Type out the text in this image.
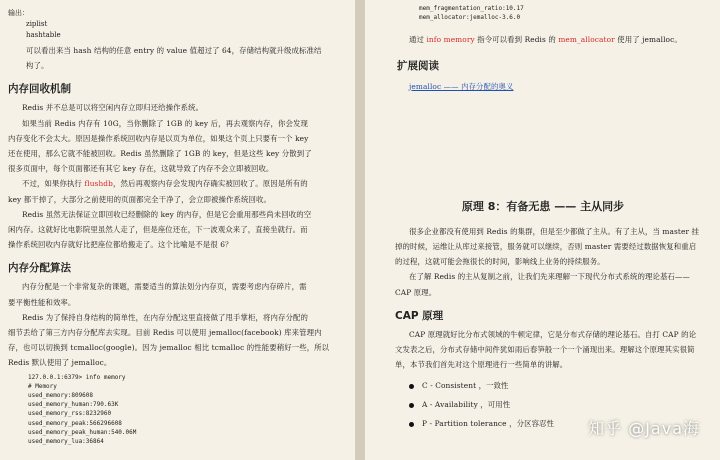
输出：
ziplist
hashtable
可以看出来当 hash 结构的任意 entry 的 value 值超过了 64，存储结构就升级成标准结
构了。
内存回收机制
Redis 并不总是可以将空闲内存立即归还给操作系统。
如果当前 Redis 内存有 10G，当你删除了 1GB 的 key 后，再去观察内存，你会发现
内存变化不会太大。原因是操作系统回收内存是以页为单位，如果这个页上只要有一个 key
还在使用，那么它就不能被回收。Redis 虽然删除了 1GB 的 key，但是这些 key 分散到了
很多页面中，每个页面都还有其它 key 存在，这就导致了内存不会立即被回收。
不过，如果你执行 flushdb，然后再观察内存会发现内存确实被回收了。原因是所有的
key 都干掉了，大部分之前使用的页面都完全干净了，会立即被操作系统回收。
Redis 虽然无法保证立即回收已经删除的 key 的内存，但是它会重用那些尚未回收的空
闲内存。这就好比电影院里虽然人走了，但是座位还在，下一波观众来了，直接坐就行。而
操作系统回收内存就好比把座位都给搬走了。这个比喻是不是很 6？
内存分配算法
内存分配是一个非常复杂的课题，需要适当的算法划分内存页，需要考虑内存碎片，需
要平衡性能和效率。
Redis 为了保持自身结构的简单性，在内存分配这里直接做了甩手掌柜，将内存分配的
细节丢给了第三方内存分配库去实现。目前 Redis 可以使用 jemalloc(facebook) 库来管理内
存，也可以切换到 tcmalloc(google)。因为 jemalloc 相比 tcmalloc 的性能要稍好一些，所以
Redis 默认使用了 jemalloc。
127.0.0.1:6379> info memory
# Memory
used_memory:809608
used_memory_human:790.63K
used_memory_rss:8232960
used_memory_peak:566296608
used_memory_peak_human:540.06M
used_memory_lua:36864
mem_fragmentation_ratio:10.17
mem_allocator:jemalloc-3.6.0
通过 info memory 指令可以看到 Redis 的 mem_allocator 使用了 jemalloc。
扩展阅读
jemalloc —— 内存分配的奥义
原理 8：有备无患 —— 主从同步
很多企业都没有使用到 Redis 的集群，但是至少都做了主从。有了主从，当 master 挂
掉的时候，运维让从库过来接管，服务就可以继续，否则 master 需要经过数据恢复和重启
的过程，这就可能会拖很长的时间，影响线上业务的持续服务。
在了解 Redis 的主从复制之前，让我们先来理解一下现代分布式系统的理论基石——
CAP 原理。
CAP 原理
CAP 原理就好比分布式领域的牛顿定律，它是分布式存储的理论基石。自打 CAP 的论
文发表之后，分布式存储中间件犹如雨后春笋般一个一个涌现出来。理解这个原理其实很简
单，本节我们首先对这个原理进行一些简单的讲解。
C - Consistent ，一致性
A - Availability ，可用性
P - Partition tolerance ，分区容忍性	知乎 @Java海
